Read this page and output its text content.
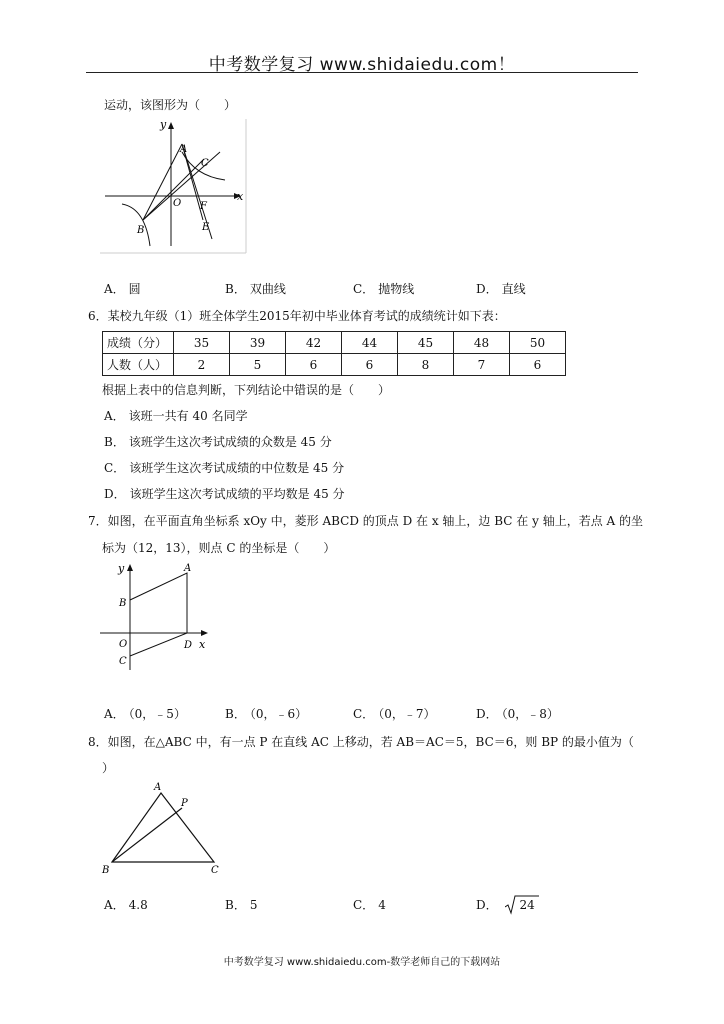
中考数学复习 www.shidaiedu.com！
运动，该图形为（　　）
y
x
A
C
O F
B	E
A． 圆	B． 双曲线	C． 抛物线	D． 直线
6．某校九年级（1）班全体学生2015年初中毕业体育考试的成绩统计如下表：
成绩（分）	35	39	42	44	45	48	50
人数（人）	2	5	6	6	8	7	6
根据上表中的信息判断，下列结论中错误的是（　　）
A． 该班一共有 40 名同学
B． 该班学生这次考试成绩的众数是 45 分
C． 该班学生这次考试成绩的中位数是 45 分
D． 该班学生这次考试成绩的平均数是 45 分
7．如图，在平面直角坐标系 xOy 中，菱形 ABCD 的顶点 D 在 x 轴上，边 BC 在 y 轴上，若点 A 的坐
标为（12，13），则点 C 的坐标是（　　）
y	A
B
O	D x
C
A． （0，﹣5）	B． （0，﹣6）	C． （0，﹣7）	D． （0，﹣8）
8．如图，在△ABC 中，有一点 P 在直线 AC 上移动，若 AB＝AC＝5，BC＝6，则 BP 的最小值为（
）
A
P
B	C
A． 4.8	B． 5	C． 4	D． 24
中考数学复习 www.shidaiedu.com-数学老师自己的下载网站
